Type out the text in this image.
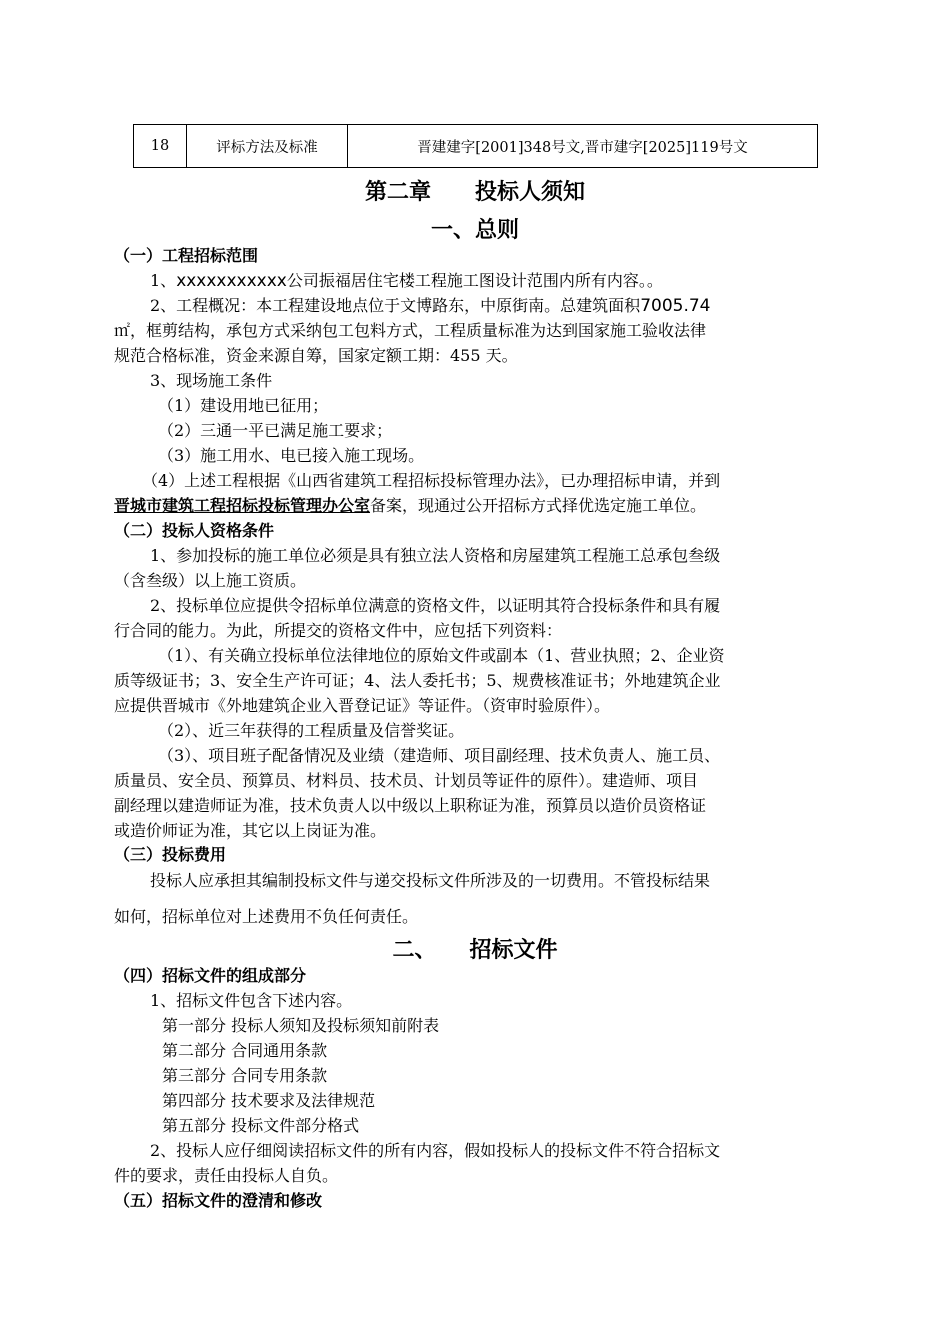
18	评标方法及标准	晋建建字[2001]348号文,晋市建字[2025]119号文
第二章　　投标人须知
一、总则
（一）工程招标范围
1、xxxxxxxxxxx公司振福居住宅楼工程施工图设计范围内所有内容。。
2、工程概况：本工程建设地点位于文博路东，中原街南。总建筑面积7005.74
㎡，框剪结构，承包方式采纳包工包料方式，工程质量标准为达到国家施工验收法律
规范合格标准，资金来源自筹，国家定额工期：455 天。
3、现场施工条件
（1）建设用地已征用；
（2）三通一平已满足施工要求；
（3）施工用水、电已接入施工现场。
（4）上述工程根据《山西省建筑工程招标投标管理办法》，已办理招标申请，并到
晋城市建筑工程招标投标管理办公室备案，现通过公开招标方式择优选定施工单位。
（二）投标人资格条件
1、参加投标的施工单位必须是具有独立法人资格和房屋建筑工程施工总承包叁级
（含叁级）以上施工资质。
2、投标单位应提供令招标单位满意的资格文件，以证明其符合投标条件和具有履
行合同的能力。为此，所提交的资格文件中，应包括下列资料：
（1）、有关确立投标单位法律地位的原始文件或副本（1、营业执照；2、企业资
质等级证书；3、安全生产许可证；4、法人委托书；5、规费核准证书；外地建筑企业
应提供晋城市《外地建筑企业入晋登记证》等证件。（资审时验原件）。
（2）、近三年获得的工程质量及信誉奖证。
（3）、项目班子配备情况及业绩（建造师、项目副经理、技术负责人、施工员、
质量员、安全员、预算员、材料员、技术员、计划员等证件的原件）。建造师、项目
副经理以建造师证为准，技术负责人以中级以上职称证为准，预算员以造价员资格证
或造价师证为准，其它以上岗证为准。
（三）投标费用
投标人应承担其编制投标文件与递交投标文件所涉及的一切费用。不管投标结果
如何，招标单位对上述费用不负任何责任。
二、　　招标文件
（四）招标文件的组成部分
1、招标文件包含下述内容。
第一部分 投标人须知及投标须知前附表
第二部分 合同通用条款
第三部分 合同专用条款
第四部分 技术要求及法律规范
第五部分 投标文件部分格式
2、投标人应仔细阅读招标文件的所有内容，假如投标人的投标文件不符合招标文
件的要求，责任由投标人自负。
（五）招标文件的澄清和修改
